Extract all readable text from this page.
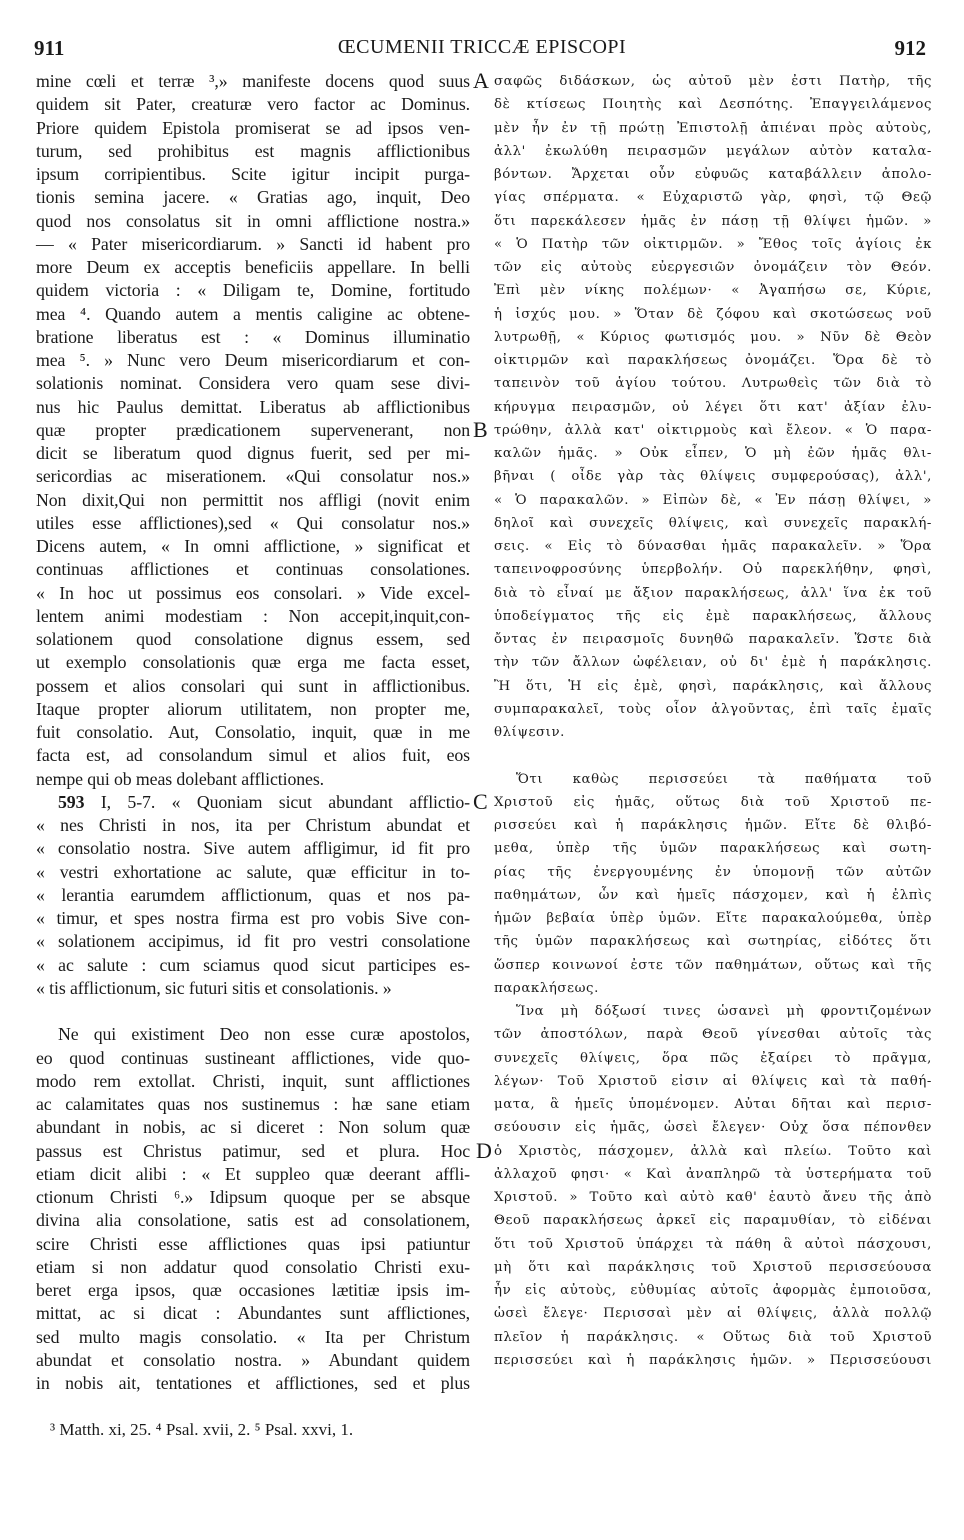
911	ŒCUMENII TRICCÆ EPISCOPI	912
mine cœli et terræ ³,» manifeste docens quod suus
quidem sit Pater, creaturæ vero factor ac Dominus.
Priore quidem Epistola promiserat se ad ipsos ven-
turum, sed prohibitus est magnis afflictionibus
ipsum corripientibus. Scite igitur incipit purga-
tionis semina jacere. « Gratias ago, inquit, Deo
quod nos consolatus sit in omni afflictione nostra.»
— « Pater misericordiarum. » Sancti id habent pro
more Deum ex acceptis beneficiis appellare. In belli
quidem victoria : « Diligam te, Domine, fortitudo
mea ⁴. Quando autem a mentis caligine ac obtene-
bratione liberatus est : « Dominus illuminatio
mea ⁵. » Nunc vero Deum misericordiarum et con-
solationis nominat. Considera vero quam sese divi-
nus hic Paulus demittat. Liberatus ab afflictionibus
quæ propter prædicationem supervenerant, non
dicit se liberatum quod dignus fuerit, sed per mi-
sericordias ac miserationem. «Qui consolatur nos.»
Non dixit,Qui non permittit nos affligi (novit enim
utiles esse afflictiones),sed « Qui consolatur nos.»
Dicens autem, « In omni afflictione, » significat et
continuas afflictiones et continuas consolationes.
« In hoc ut possimus eos consolari. » Vide excel-
lentem animi modestiam : Non accepit,inquit,con-
solationem quod consolatione dignus essem, sed
ut exemplo consolationis quæ erga me facta esset,
possem et alios consolari qui sunt in afflictionibus.
Itaque propter aliorum utilitatem, non propter me,
fuit consolatio. Aut, Consolatio, inquit, quæ in me
facta est, ad consolandum simul et alios fuit, eos
nempe qui ob meas dolebant afflictiones.
593 I, 5-7. « Quoniam sicut abundant afflictio-
« nes Christi in nos, ita per Christum abundat et
« consolatio nostra. Sive autem affligimur, id fit pro
« vestri exhortatione ac salute, quæ efficitur in to-
« lerantia earumdem afflictionum, quas et nos pa-
« timur, et spes nostra firma est pro vobis Sive con-
« solationem accipimus, id fit pro vestri consolatione
« ac salute : cum sciamus quod sicut participes es-
« tis afflictionum, sic futuri sitis et consolationis. »
Ne qui existiment Deo non esse curæ apostolos,
eo quod continuas sustineant afflictiones, vide quo-
modo rem extollat. Christi, inquit, sunt afflictiones
ac calamitates quas nos sustinemus : hæ sane etiam
abundant in nobis, ac si diceret : Non solum quæ
passus est Christus patimur, sed et plura. Hoc
etiam dicit alibi : « Et suppleo quæ deerant affli-
ctionum Christi ⁶.» Idipsum quoque per se absque
divina alia consolatione, satis est ad consolationem,
scire Christi esse afflictiones quas ipsi patiuntur
etiam si non addatur quod consolatio Christi exu-
beret erga ipsos, quæ occasiones lætitiæ ipsis im-
mittat, ac si dicat : Abundantes sunt afflictiones,
sed multo magis consolatio. « Ita per Christum
abundat et consolatio nostra. » Abundant quidem
in nobis ait, tentationes et afflictiones, sed et plus
σαφῶς διδάσκων, ὡς αὐτοῦ μὲν ἐστι Πατὴρ, τῆς
δὲ κτίσεως Ποιητὴς καὶ Δεσπότης. Ἐπαγγειλάμενος
μὲν ἦν ἐν τῇ πρώτῃ Ἐπιστολῇ ἀπιέναι πρὸς αὐτοὺς,
ἀλλ' ἐκωλύθη πειρασμῶν μεγάλων αὐτὸν καταλα-
βόντων. Ἄρχεται οὖν εὐφυῶς καταβάλλειν ἀπολο-
γίας σπέρματα. « Εὐχαριστῶ γὰρ, φησὶ, τῷ Θεῷ
ὅτι παρεκάλεσεν ἡμᾶς ἐν πάσῃ τῇ θλίψει ἡμῶν. »
« Ὁ Πατὴρ τῶν οἰκτιρμῶν. » Ἔθος τοῖς ἁγίοις ἐκ
τῶν εἰς αὐτοὺς εὐεργεσιῶν ὀνομάζειν τὸν Θεόν.
Ἐπὶ μὲν νίκης πολέμων· « Ἀγαπήσω σε, Κύριε,
ἡ ἰσχύς μου. » Ὅταν δὲ ζόφου καὶ σκοτώσεως νοῦ
λυτρωθῇ, « Κύριος φωτισμός μου. » Νῦν δὲ Θεὸν
οἰκτιρμῶν καὶ παρακλήσεως ὀνομάζει. Ὅρα δὲ τὸ
ταπεινὸν τοῦ ἁγίου τούτου. Λυτρωθεὶς τῶν διὰ τὸ
κήρυγμα πειρασμῶν, οὐ λέγει ὅτι κατ' ἀξίαν ἐλυ-
τρώθην, ἀλλὰ κατ' οἰκτιρμοὺς καὶ ἔλεον. « Ὁ παρα-
καλῶν ἡμᾶς. » Οὐκ εἶπεν, Ὁ μὴ ἐῶν ἡμᾶς θλι-
βῆναι ( οἶδε γὰρ τὰς θλίψεις συμφερούσας), ἀλλ',
« Ὁ παρακαλῶν. » Εἰπὼν δὲ, « Ἐν πάσῃ θλίψει, »
δηλοῖ καὶ συνεχεῖς θλίψεις, καὶ συνεχεῖς παρακλή-
σεις. « Εἰς τὸ δύνασθαι ἡμᾶς παρακαλεῖν. » Ὅρα
ταπεινοφροσύνης ὑπερβολήν. Οὐ παρεκλήθην, φησὶ,
διὰ τὸ εἶναί με ἄξιον παρακλήσεως, ἀλλ' ἵνα ἐκ τοῦ
ὑποδείγματος τῆς εἰς ἐμὲ παρακλήσεως, ἄλλους
ὄντας ἐν πειρασμοῖς δυνηθῶ παρακαλεῖν. Ὥστε διὰ
τὴν τῶν ἄλλων ὠφέλειαν, οὐ δι' ἐμὲ ἡ παράκλησις.
Ἢ ὅτι, Ἡ εἰς ἐμὲ, φησὶ, παράκλησις, καὶ ἄλλους
συμπαρακαλεῖ, τοὺς οἷον ἀλγοῦντας, ἐπὶ ταῖς ἐμαῖς
θλίψεσιν.
Ὅτι καθὼς περισσεύει τὰ παθήματα τοῦ
Χριστοῦ εἰς ἡμᾶς, οὕτως διὰ τοῦ Χριστοῦ πε-
ρισσεύει καὶ ἡ παράκλησις ἡμῶν. Εἴτε δὲ θλιβό-
μεθα, ὑπὲρ τῆς ὑμῶν παρακλήσεως καὶ σωτη-
ρίας τῆς ἐνεργουμένης ἐν ὑπομονῇ τῶν αὐτῶν
παθημάτων, ὧν καὶ ἡμεῖς πάσχομεν, καὶ ἡ ἐλπὶς
ἡμῶν βεβαία ὑπὲρ ὑμῶν. Εἴτε παρακαλούμεθα, ὑπὲρ
τῆς ὑμῶν παρακλήσεως καὶ σωτηρίας, εἰδότες ὅτι
ὥσπερ κοινωνοί ἐστε τῶν παθημάτων, οὕτως καὶ τῆς
παρακλήσεως.
Ἵνα μὴ δόξωσί τινες ὡσανεὶ μὴ φροντιζομένων
τῶν ἀποστόλων, παρὰ Θεοῦ γίνεσθαι αὐτοῖς τὰς
συνεχεῖς θλίψεις, ὅρα πῶς ἐξαίρει τὸ πρᾶγμα,
λέγων· Τοῦ Χριστοῦ εἰσιν αἱ θλίψεις καὶ τὰ παθή-
ματα, ἃ ἡμεῖς ὑπομένομεν. Αὐται δῆται καὶ περισ-
σεύουσιν εἰς ἡμᾶς, ὡσεὶ ἔλεγεν· Οὐχ ὅσα πέπονθεν
ὁ Χριστὸς, πάσχομεν, ἀλλὰ καὶ πλείω. Τοῦτο καὶ
ἀλλαχοῦ φησι· « Καὶ ἀναπληρῶ τὰ ὑστερήματα τοῦ
Χριστοῦ. » Τοῦτο καὶ αὐτὸ καθ' ἑαυτὸ ἄνευ τῆς ἀπὸ
Θεοῦ παρακλήσεως ἀρκεῖ εἰς παραμυθίαν, τὸ εἰδέναι
ὅτι τοῦ Χριστοῦ ὑπάρχει τὰ πάθη ἃ αὐτοὶ πάσχουσι,
μὴ ὅτι καὶ παράκλησις τοῦ Χριστοῦ περισσεύουσα
ἦν εἰς αὐτοὺς, εὐθυμίας αὐτοῖς ἀφορμὰς ἐμποιοῦσα,
ὡσεὶ ἔλεγε· Περισσαὶ μὲν αἱ θλίψεις, ἀλλὰ πολλῷ
πλεῖον ἡ παράκλησις. « Οὕτως διὰ τοῦ Χριστοῦ
περισσεύει καὶ ἡ παράκλησις ἡμῶν. » Περισσεύουσι
A
B
C
D
³ Matth. xi, 25. ⁴ Psal. xvii, 2. ⁵ Psal. xxvi, 1.
